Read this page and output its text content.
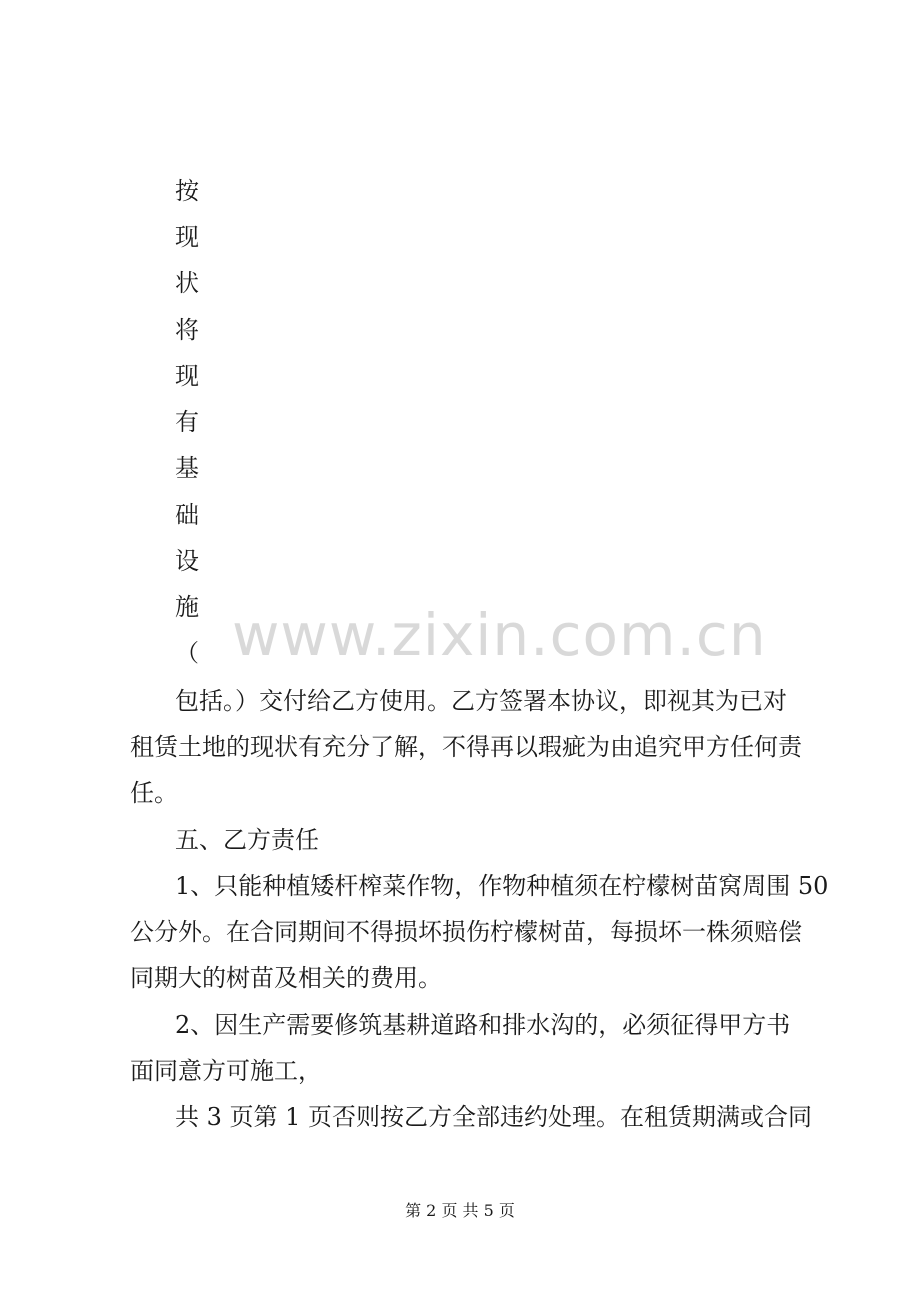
按
现
状
将
现
有
基
础
设
施
（ www.zixin.com.cn
包括。）交付给乙方使用。乙方签署本协议，即视其为已对
租赁土地的现状有充分了解，不得再以瑕疵为由追究甲方任何责
任。
五、乙方责任
1、只能种植矮杆榨菜作物，作物种植须在柠檬树苗窝周围 50
公分外。在合同期间不得损坏损伤柠檬树苗，每损坏一株须赔偿
同期大的树苗及相关的费用。
2、因生产需要修筑基耕道路和排水沟的，必须征得甲方书
面同意方可施工，
共 3 页第 1 页否则按乙方全部违约处理。在租赁期满或合同
第 2 页 共 5 页
